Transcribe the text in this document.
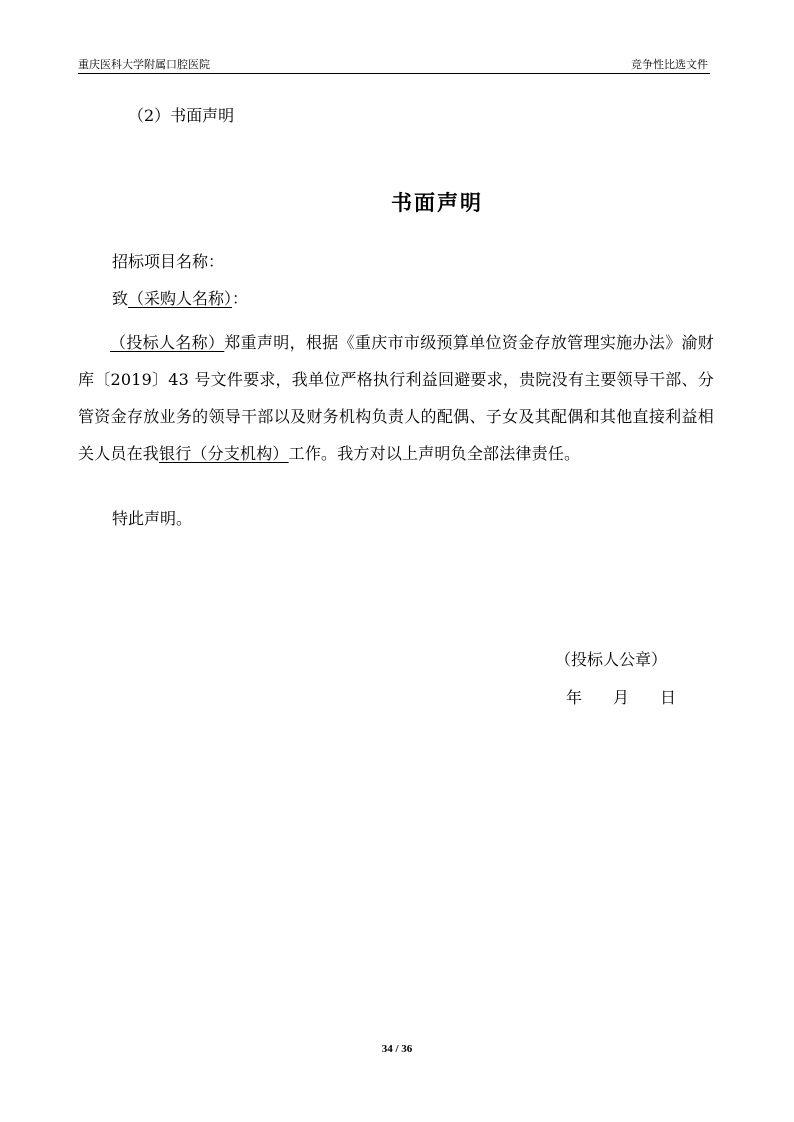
重庆医科大学附属口腔医院	竞争性比选文件
（2）书面声明
书面声明
招标项目名称：
致（采购人名称）：
（投标人名称）郑重声明，根据《重庆市市级预算单位资金存放管理实施办法》渝财库〔2019〕43 号文件要求，我单位严格执行利益回避要求，贵院没有主要领导干部、分管资金存放业务的领导干部以及财务机构负责人的配偶、子女及其配偶和其他直接利益相关人员在我银行（分支机构）工作。我方对以上声明负全部法律责任。
特此声明。
（投标人公章）
年 月 日
34 / 36
